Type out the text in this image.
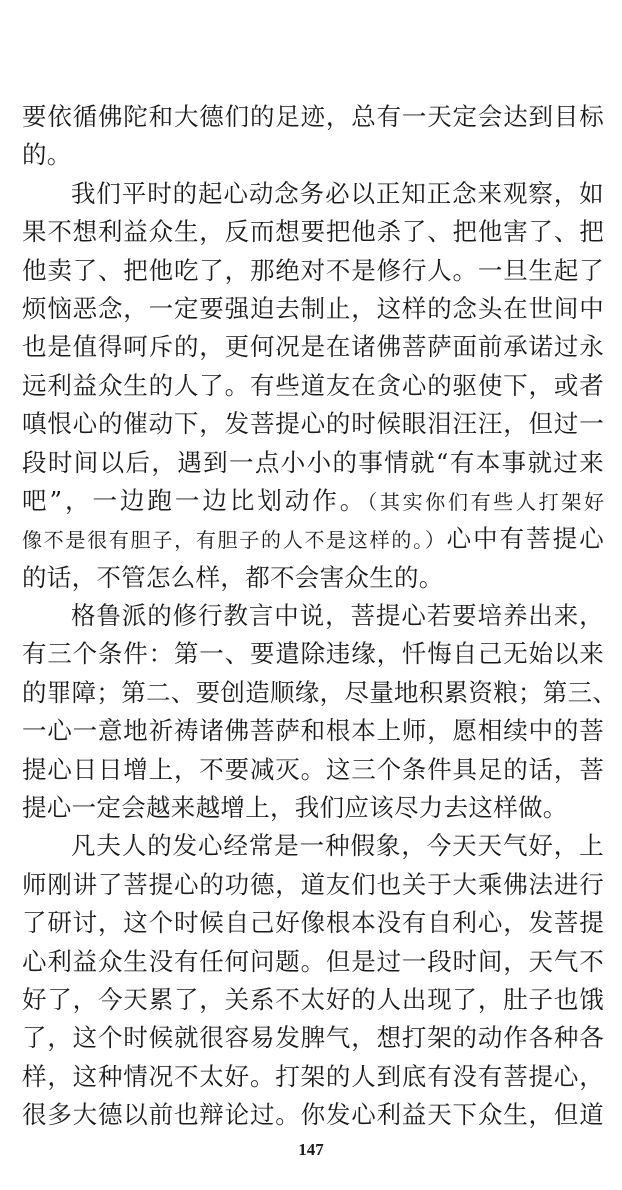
要依循佛陀和大德们的足迹，总有一天定会达到目标
的。
我们平时的起心动念务必以正知正念来观察，如
果不想利益众生，反而想要把他杀了、把他害了、把
他卖了、把他吃了，那绝对不是修行人。一旦生起了
烦恼恶念，一定要强迫去制止，这样的念头在世间中
也是值得呵斥的，更何况是在诸佛菩萨面前承诺过永
远利益众生的人了。有些道友在贪心的驱使下，或者
嗔恨心的催动下，发菩提心的时候眼泪汪汪，但过一
段时间以后，遇到一点小小的事情就“有本事就过来
吧”，一边跑一边比划动作。（其实你们有些人打架好
像不是很有胆子，有胆子的人不是这样的。）心中有菩提心
的话，不管怎么样，都不会害众生的。
格鲁派的修行教言中说，菩提心若要培养出来，
有三个条件：第一、要遣除违缘，忏悔自己无始以来
的罪障；第二、要创造顺缘，尽量地积累资粮；第三、
一心一意地祈祷诸佛菩萨和根本上师，愿相续中的菩
提心日日增上，不要减灭。这三个条件具足的话，菩
提心一定会越来越增上，我们应该尽力去这样做。
凡夫人的发心经常是一种假象，今天天气好，上
师刚讲了菩提心的功德，道友们也关于大乘佛法进行
了研讨，这个时候自己好像根本没有自利心，发菩提
心利益众生没有任何问题。但是过一段时间，天气不
好了，今天累了，关系不太好的人出现了，肚子也饿
了，这个时候就很容易发脾气，想打架的动作各种各
样，这种情况不太好。打架的人到底有没有菩提心，
很多大德以前也辩论过。你发心利益天下众生，但道
147
